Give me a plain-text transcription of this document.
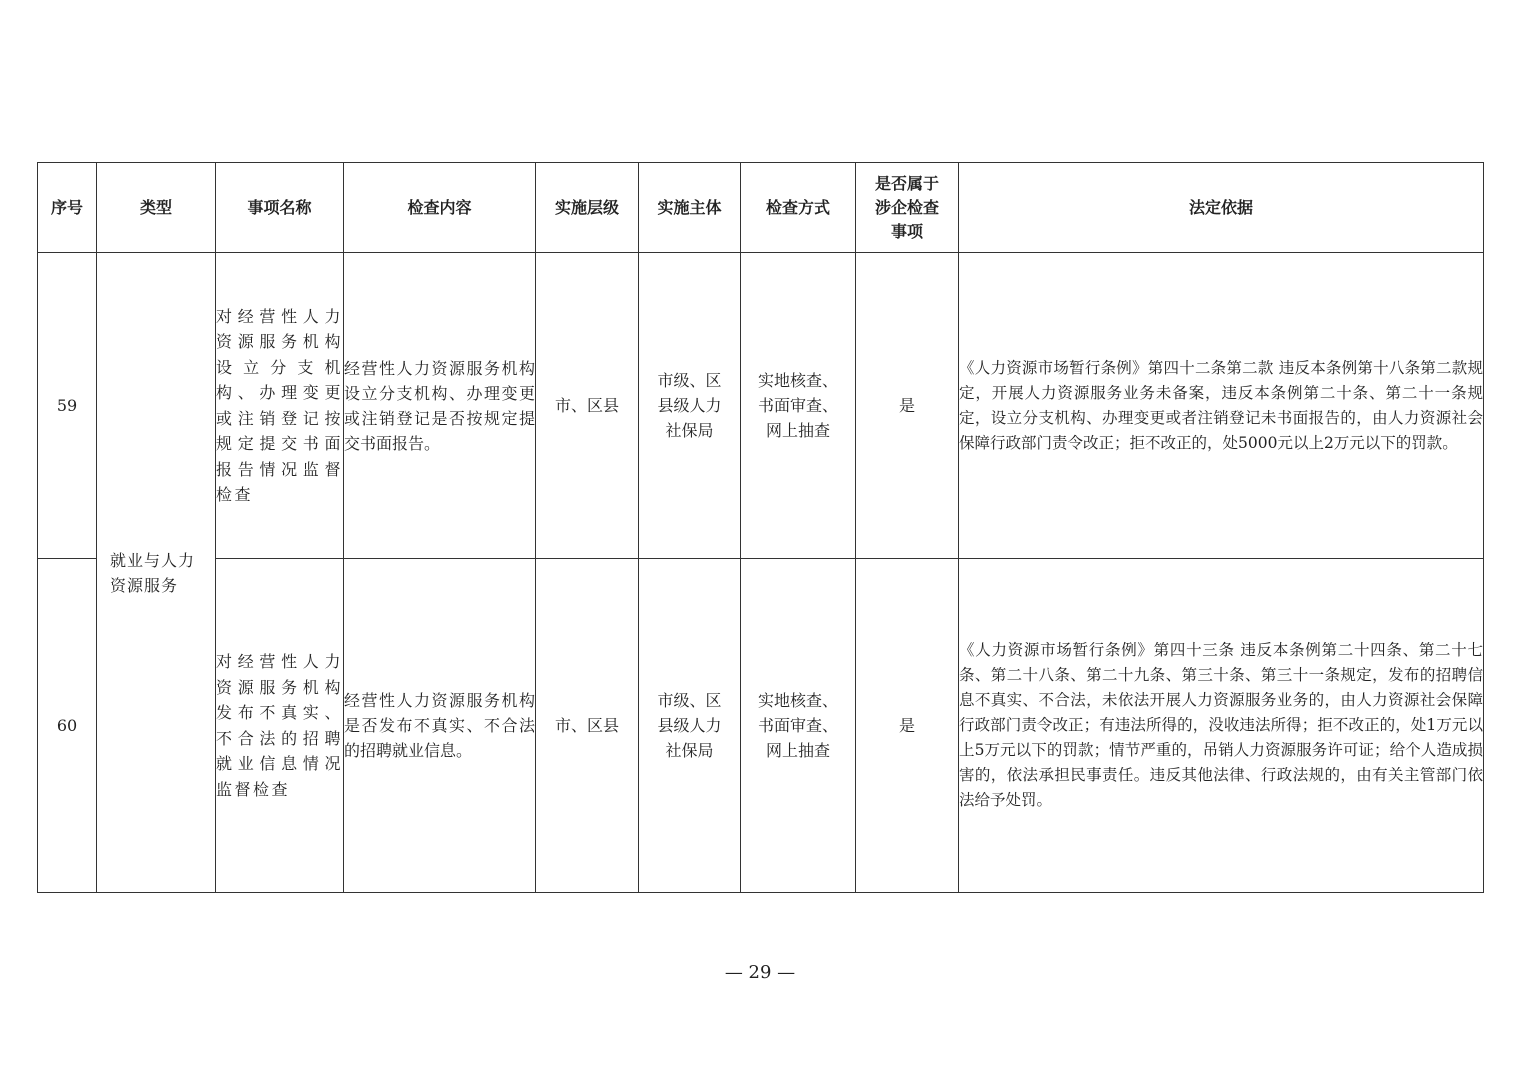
序号	类型	事项名称	检查内容	实施层级	实施主体	检查方式	是否属于
涉企检查
事项	法定依据
59	就业与人力资源服务	对经营性人力资源服务机构设立分支机构、办理变更或注销登记按规定提交书面报告情况监督检查	经营性人力资源服务机构设立分支机构、办理变更或注销登记是否按规定提交书面报告。	市、区县	市级、区县级人力社保局	实地核查、书面审查、网上抽查	是	《人力资源市场暂行条例》第四十二条第二款 违反本条例第十八条第二款规定，开展人力资源服务业务未备案，违反本条例第二十条、第二十一条规定，设立分支机构、办理变更或者注销登记未书面报告的，由人力资源社会保障行政部门责令改正；拒不改正的，处5000元以上2万元以下的罚款。
60		对经营性人力资源服务机构发布不真实、不合法的招聘就业信息情况监督检查	经营性人力资源服务机构是否发布不真实、不合法的招聘就业信息。	市、区县	市级、区县级人力社保局	实地核查、书面审查、网上抽查	是	《人力资源市场暂行条例》第四十三条 违反本条例第二十四条、第二十七条、第二十八条、第二十九条、第三十条、第三十一条规定，发布的招聘信息不真实、不合法，未依法开展人力资源服务业务的，由人力资源社会保障行政部门责令改正；有违法所得的，没收违法所得；拒不改正的，处1万元以上5万元以下的罚款；情节严重的，吊销人力资源服务许可证；给个人造成损害的，依法承担民事责任。违反其他法律、行政法规的，由有关主管部门依法给予处罚。
— 29 —
